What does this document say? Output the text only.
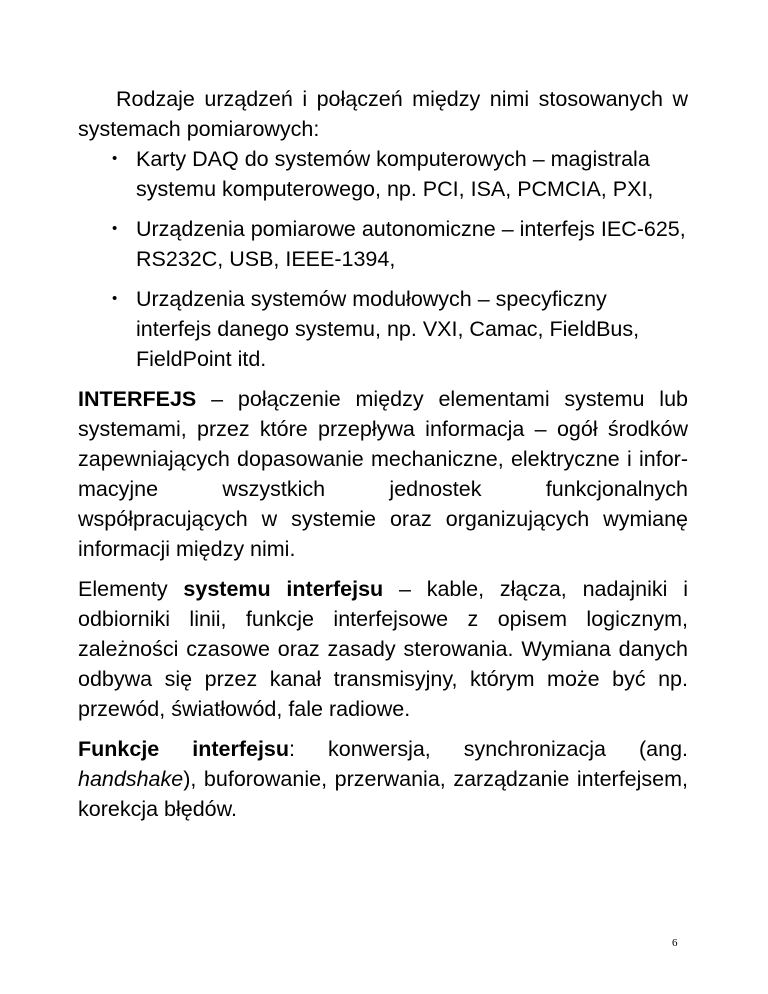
Rodzaje urządzeń i połączeń między nimi stosowanych w systemach pomiarowych:

• Karty DAQ do systemów komputerowych – magistrala systemu komputerowego, np. PCI, ISA, PCMCIA, PXI,
• Urządzenia pomiarowe autonomiczne – interfejs IEC-625, RS232C, USB, IEEE-1394,
• Urządzenia systemów modułowych – specyficzny interfejs danego systemu, np. VXI, Camac, FieldBus, FieldPoint itd.

INTERFEJS – połączenie między elementami systemu lub systemami, przez które przepływa informacja – ogół środków zapewniających dopasowanie mechaniczne, elektryczne i informacyjne wszystkich jednostek funkcjonalnych współpracujących w systemie oraz organizujących wymianę informacji między nimi.

Elementy systemu interfejsu – kable, złącza, nadajniki i odbiorniki linii, funkcje interfejsowe z opisem logicznym, zależności czasowe oraz zasady sterowania. Wymiana danych odbywa się przez kanał transmisyjny, którym może być np. przewód, światłowód, fale radiowe.

Funkcje interfejsu: konwersja, synchronizacja (ang. handshake), buforowanie, przerwania, zarządzanie interfejsem, korekcja błędów.

6
